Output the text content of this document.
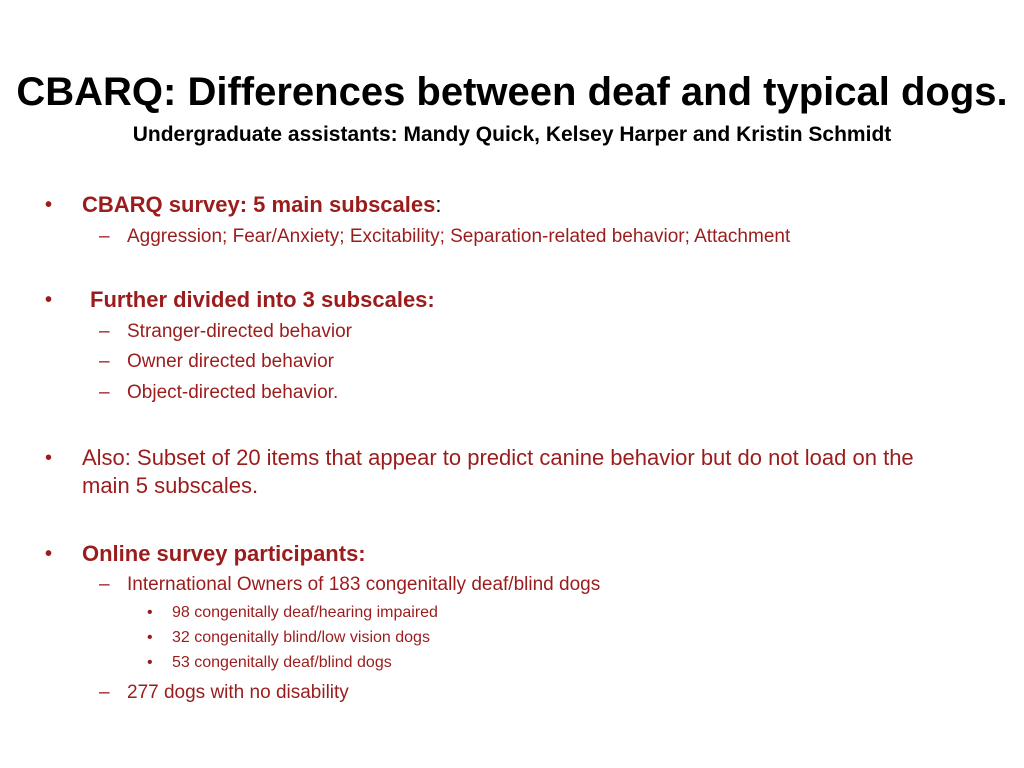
CBARQ: Differences between deaf and typical dogs.
Undergraduate assistants: Mandy Quick, Kelsey Harper and Kristin Schmidt
• CBARQ survey: 5 main subscales:
– Aggression; Fear/Anxiety; Excitability; Separation-related behavior; Attachment
• Further divided into 3 subscales:
– Stranger-directed behavior
– Owner directed behavior
– Object-directed behavior.
• Also: Subset of 20 items that appear to predict canine behavior but do not load on the main 5 subscales.
• Online survey participants:
– International Owners of 183 congenitally deaf/blind dogs
• 98 congenitally deaf/hearing impaired
• 32 congenitally blind/low vision dogs
• 53 congenitally deaf/blind dogs
– 277 dogs with no disability
